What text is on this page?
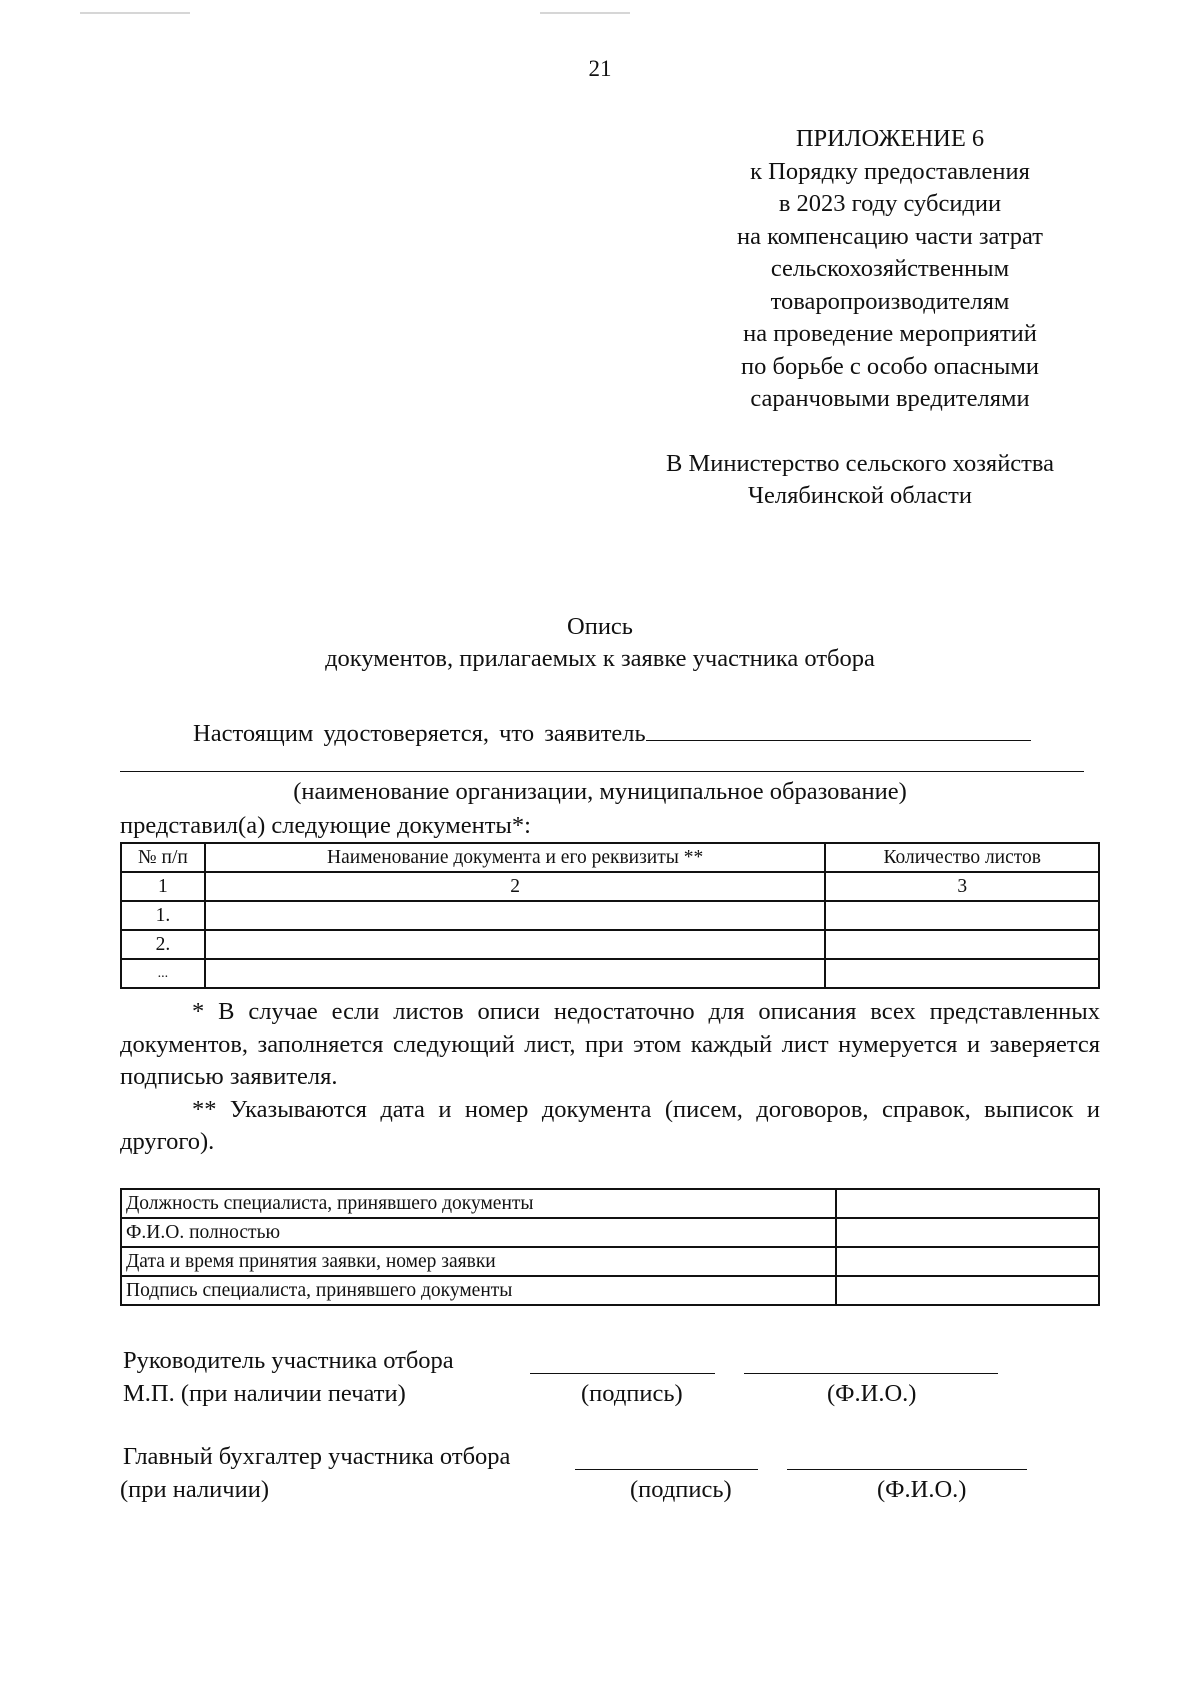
21
ПРИЛОЖЕНИЕ 6
к Порядку предоставления
в 2023 году субсидии
на компенсацию части затрат
сельскохозяйственным
товаропроизводителям
на проведение мероприятий
по борьбе с особо опасными
саранчовыми вредителями
В Министерство сельского хозяйства
Челябинской области
Опись
документов, прилагаемых к заявке участника отбора
Настоящим удостоверяется, что заявитель
(наименование организации, муниципальное образование)
представил(а) следующие документы*:
№ п/п	Наименование документа и его реквизиты **	Количество листов
1	2	3
1.		
2.		
...		

* В случае если листов описи недостаточно для описания всех представленных документов, заполняется следующий лист, при этом каждый лист нумеруется и заверяется подписью заявителя.

** Указываются дата и номер документа (писем, договоров, справок, выписок и другого).

Должность специалиста, принявшего документы	
Ф.И.О. полностью	
Дата и время принятия заявки, номер заявки	
Подпись специалиста, принявшего документы	
Руководитель участника отбора
М.П. (при наличии печати)	(подпись)	(Ф.И.О.)
Главный бухгалтер участника отбора
(при наличии)	(подпись)	(Ф.И.О.)
